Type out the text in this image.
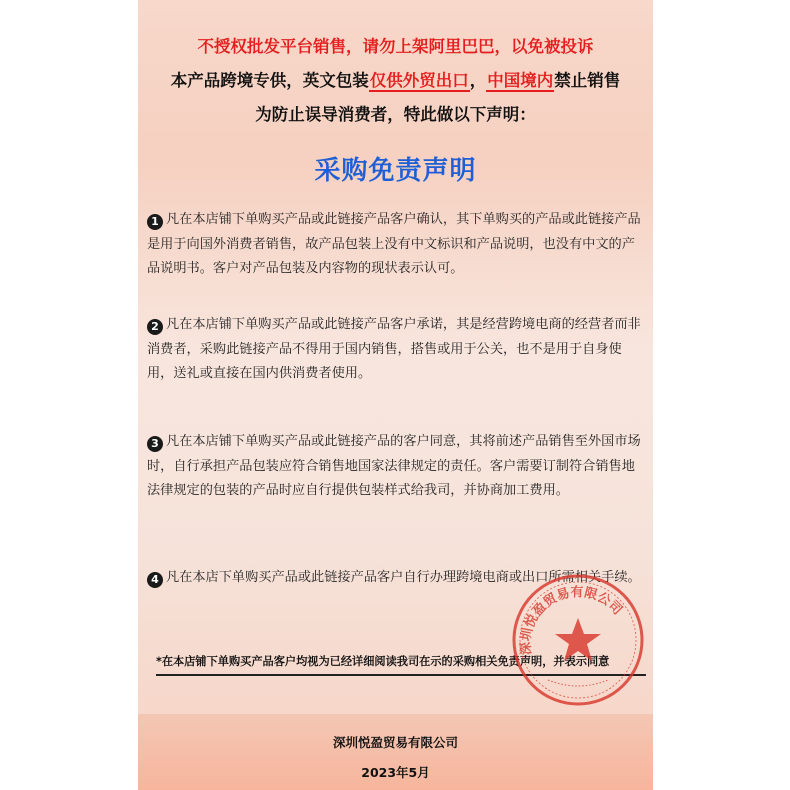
不授权批发平台销售，请勿上架阿里巴巴，以免被投诉
本产品跨境专供，英文包装仅供外贸出口，中国境内禁止销售
为防止误导消费者，特此做以下声明：
采购免责声明
1 凡在本店铺下单购买产品或此链接产品客户确认，其下单购买的产品或此链接产品是用于向国外消费者销售，故产品包装上没有中文标识和产品说明，也没有中文的产品说明书。客户对产品包装及内容物的现状表示认可。
2 凡在本店铺下单购买产品或此链接产品客户承诺，其是经营跨境电商的经营者而非消费者，采购此链接产品不得用于国内销售，搭售或用于公关，也不是用于自身使用，送礼或直接在国内供消费者使用。
3 凡在本店铺下单购买产品或此链接产品的客户同意，其将前述产品销售至外国市场时，自行承担产品包装应符合销售地国家法律规定的责任。客户需要订制符合销售地法律规定的包装的产品时应自行提供包装样式给我司，并协商加工费用。
4 凡在本店下单购买产品或此链接产品客户自行办理跨境电商或出口所需相关手续。
*在本店铺下单购买产品客户均视为已经详细阅读我司在示的采购相关免责声明，并表示同意
深圳悦盈贸易有限公司
深圳悦盈贸易有限公司
2023年5月
